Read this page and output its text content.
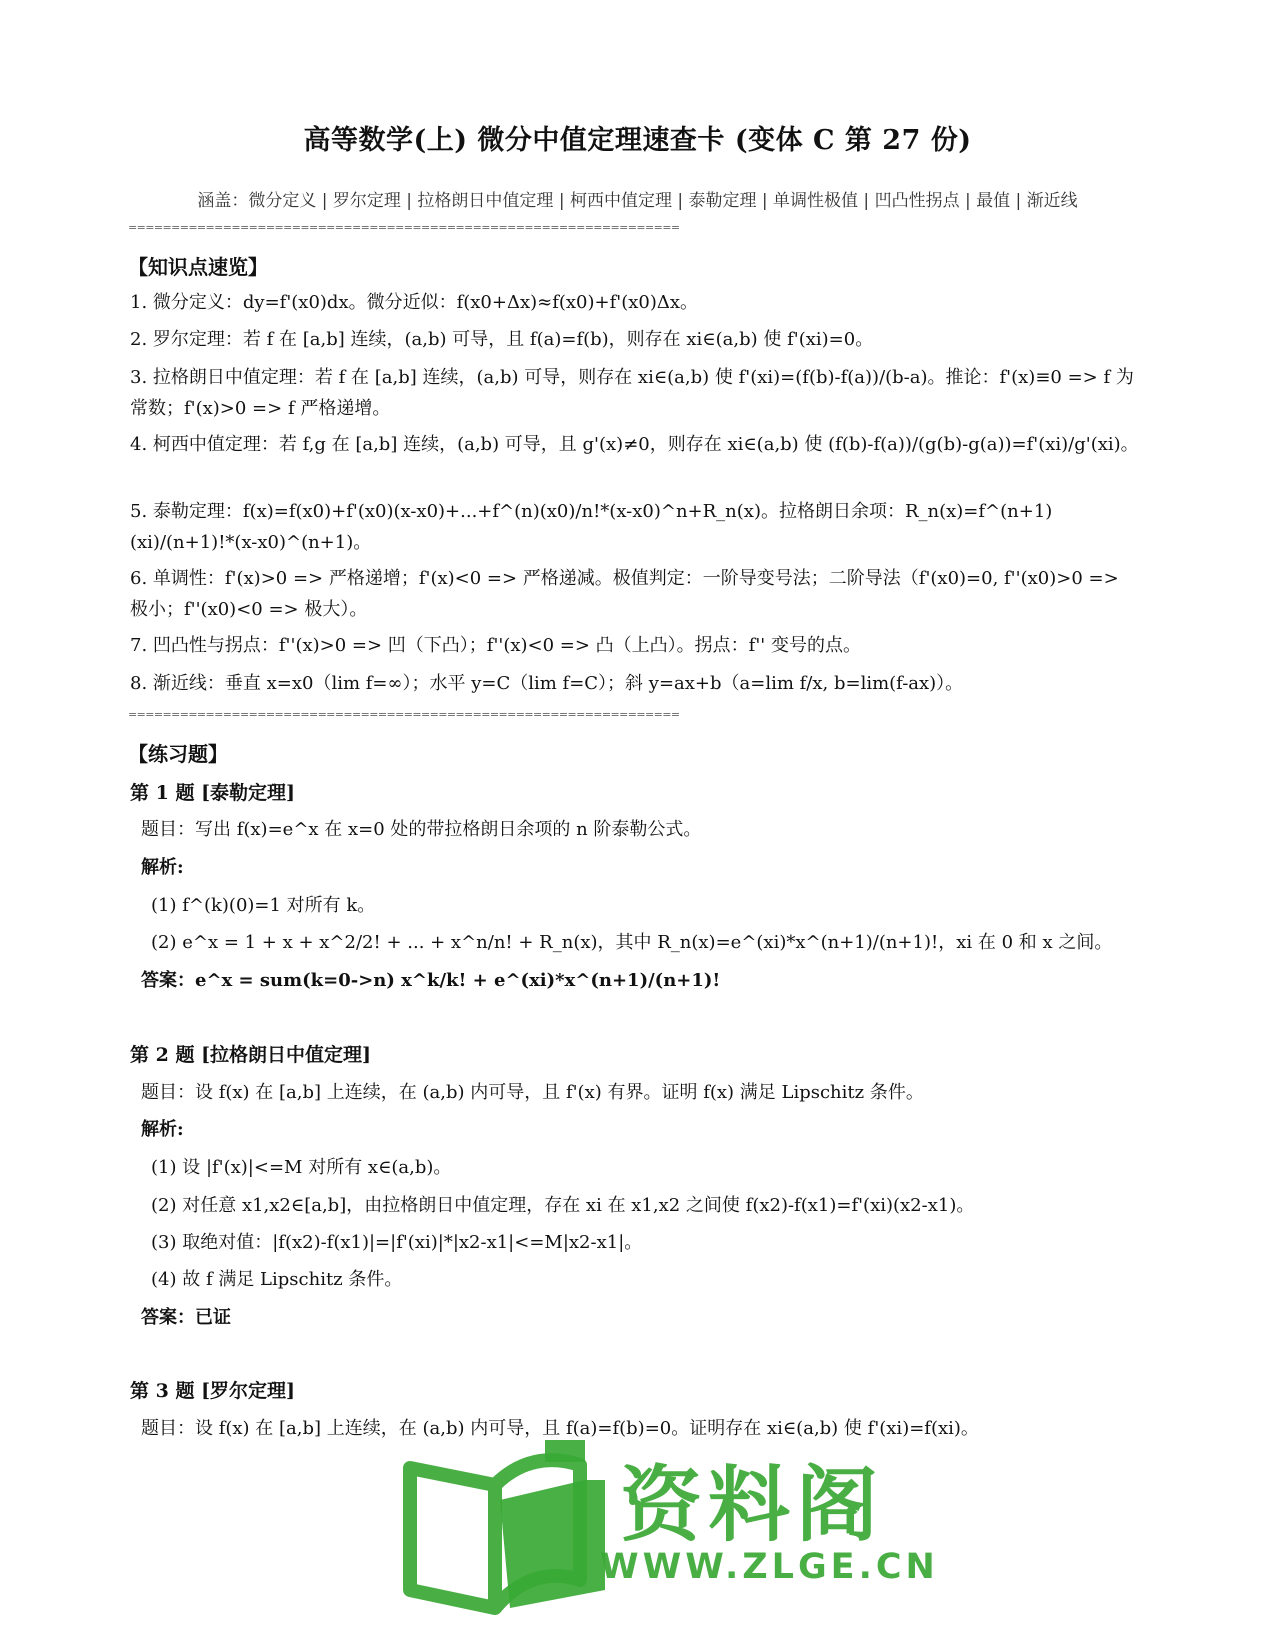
高等数学(上) 微分中值定理速查卡 (变体 C 第 27 份)
涵盖：微分定义 | 罗尔定理 | 拉格朗日中值定理 | 柯西中值定理 | 泰勒定理 | 单调性极值 | 凹凸性拐点 | 最值 | 渐近线
================================================================
【知识点速览】
1. 微分定义：dy=f'(x0)dx。微分近似：f(x0+Δx)≈f(x0)+f'(x0)Δx。
2. 罗尔定理：若 f 在 [a,b] 连续，(a,b) 可导，且 f(a)=f(b)，则存在 xi∈(a,b) 使 f'(xi)=0。
3. 拉格朗日中值定理：若 f 在 [a,b] 连续，(a,b) 可导，则存在 xi∈(a,b) 使 f'(xi)=(f(b)-f(a))/(b-a)。推论：f'(x)≡0 => f 为常数；f'(x)>0 => f 严格递增。
4. 柯西中值定理：若 f,g 在 [a,b] 连续，(a,b) 可导，且 g'(x)≠0，则存在 xi∈(a,b) 使 (f(b)-f(a))/(g(b)-g(a))=f'(xi)/g'(xi)。
5. 泰勒定理：f(x)=f(x0)+f'(x0)(x-x0)+...+f^(n)(x0)/n!*(x-x0)^n+R_n(x)。拉格朗日余项：R_n(x)=f^(n+1)(xi)/(n+1)!*(x-x0)^(n+1)。
6. 单调性：f'(x)>0 => 严格递增；f'(x)<0 => 严格递减。极值判定：一阶导变号法；二阶导法（f'(x0)=0, f''(x0)>0 => 极小；f''(x0)<0 => 极大）。
7. 凹凸性与拐点：f''(x)>0 => 凹（下凸）；f''(x)<0 => 凸（上凸）。拐点：f'' 变号的点。
8. 渐近线：垂直 x=x0（lim f=∞）；水平 y=C（lim f=C）；斜 y=ax+b（a=lim f/x, b=lim(f-ax)）。
================================================================
【练习题】
第 1 题 [泰勒定理]
题目：写出 f(x)=e^x 在 x=0 处的带拉格朗日余项的 n 阶泰勒公式。
解析:
(1) f^(k)(0)=1 对所有 k。
(2) e^x = 1 + x + x^2/2! + ... + x^n/n! + R_n(x)，其中 R_n(x)=e^(xi)*x^(n+1)/(n+1)!，xi 在 0 和 x 之间。
答案：e^x = sum(k=0->n) x^k/k! + e^(xi)*x^(n+1)/(n+1)!
第 2 题 [拉格朗日中值定理]
题目：设 f(x) 在 [a,b] 上连续，在 (a,b) 内可导，且 f'(x) 有界。证明 f(x) 满足 Lipschitz 条件。
解析:
(1) 设 |f'(x)|<=M 对所有 x∈(a,b)。
(2) 对任意 x1,x2∈[a,b]，由拉格朗日中值定理，存在 xi 在 x1,x2 之间使 f(x2)-f(x1)=f'(xi)(x2-x1)。
(3) 取绝对值：|f(x2)-f(x1)|=|f'(xi)|*|x2-x1|<=M|x2-x1|。
(4) 故 f 满足 Lipschitz 条件。
答案：已证
第 3 题 [罗尔定理]
题目：设 f(x) 在 [a,b] 上连续，在 (a,b) 内可导，且 f(a)=f(b)=0。证明存在 xi∈(a,b) 使 f'(xi)=f(xi)。
资料阁
WWW.ZLGE.CN
